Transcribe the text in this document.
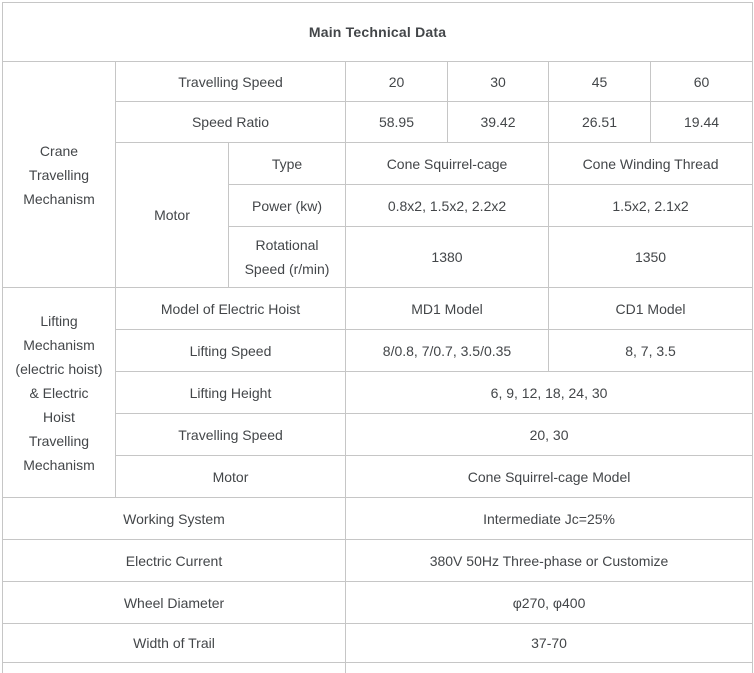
Main Technical Data						

Crane Travelling Mechanism	Travelling Speed		20	30	45	60
	Speed Ratio		58.95	39.42	26.51	19.44
	Motor	Type	Cone Squirrel-cage		Cone Winding Thread	
		Power (kw)	0.8x2, 1.5x2, 2.2x2		1.5x2, 2.1x2	

		Rotational Speed (r/min)	1380		1350	

Lifting Mechanism (electric hoist) & Electric Hoist Travelling Mechanism	Model of Electric Hoist		MD1 Model		CD1 Model	
	Lifting Speed		8/0.8, 7/0.7, 3.5/0.35		8, 7, 3.5	
	Lifting Height		6, 9, 12, 18, 24, 30			
	Travelling Speed		20, 30			
	Motor		Cone Squirrel-cage Model			
Working System			Intermediate Jc=25%			
Electric Current			380V 50Hz Three-phase or Customize			
Wheel Diameter			φ270, φ400			
Width of Trail			37-70			
